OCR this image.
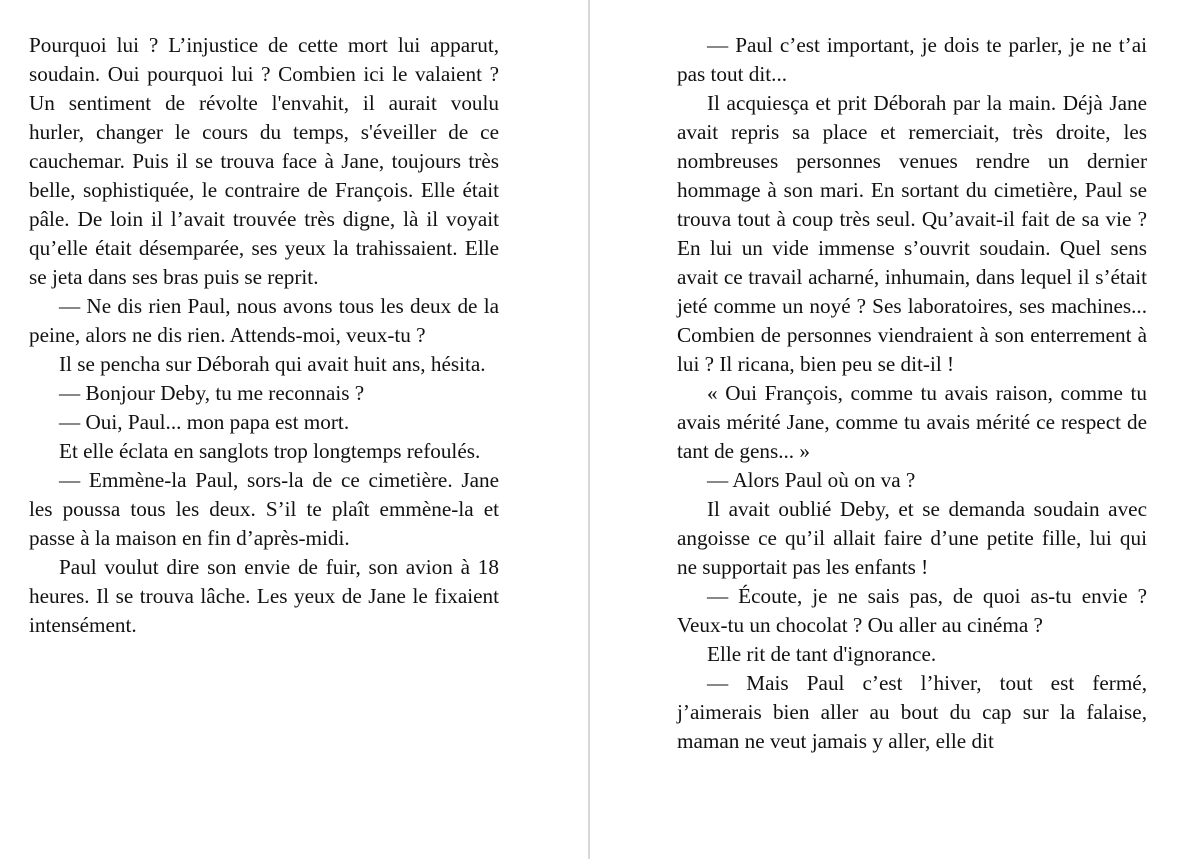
Pourquoi lui ? L’injustice de cette mort lui apparut, soudain. Oui pourquoi lui ? Combien ici le valaient ? Un sentiment de révolte l'envahit, il aurait voulu hurler, changer le cours du temps, s'éveiller de ce cauchemar. Puis il se trouva face à Jane, toujours très belle, sophistiquée, le contraire de François. Elle était pâle. De loin il l’avait trouvée très digne, là il voyait qu’elle était désemparée, ses yeux la trahissaient. Elle se jeta dans ses bras puis se reprit.

— Ne dis rien Paul, nous avons tous les deux de la peine, alors ne dis rien. Attends-moi, veux-tu ?

Il se pencha sur Déborah qui avait huit ans, hésita.

— Bonjour Deby, tu me reconnais ?

— Oui, Paul... mon papa est mort.

Et elle éclata en sanglots trop longtemps refoulés.

— Emmène-la Paul, sors-la de ce cimetière. Jane les poussa tous les deux. S’il te plaît emmène-la et passe à la maison en fin d’après-midi.

Paul voulut dire son envie de fuir, son avion à 18 heures. Il se trouva lâche. Les yeux de Jane le fixaient intensément.

— Paul c’est important, je dois te parler, je ne t’ai pas tout dit...

Il acquiesça et prit Déborah par la main. Déjà Jane avait repris sa place et remerciait, très droite, les nombreuses personnes venues rendre un dernier hommage à son mari. En sortant du cimetière, Paul se trouva tout à coup très seul. Qu’avait-il fait de sa vie ? En lui un vide immense s’ouvrit soudain. Quel sens avait ce travail acharné, inhumain, dans lequel il s’était jeté comme un noyé ? Ses laboratoires, ses machines... Combien de personnes viendraient à son enterrement à lui ? Il ricana, bien peu se dit-il !

« Oui François, comme tu avais raison, comme tu avais mérité Jane, comme tu avais mérité ce respect de tant de gens... »

— Alors Paul où on va ?

Il avait oublié Deby, et se demanda soudain avec angoisse ce qu’il allait faire d’une petite fille, lui qui ne supportait pas les enfants !

— Écoute, je ne sais pas, de quoi as-tu envie ? Veux-tu un chocolat ? Ou aller au cinéma ?

Elle rit de tant d'ignorance.

— Mais Paul c’est l’hiver, tout est fermé, j’aimerais bien aller au bout du cap sur la falaise, maman ne veut jamais y aller, elle dit
